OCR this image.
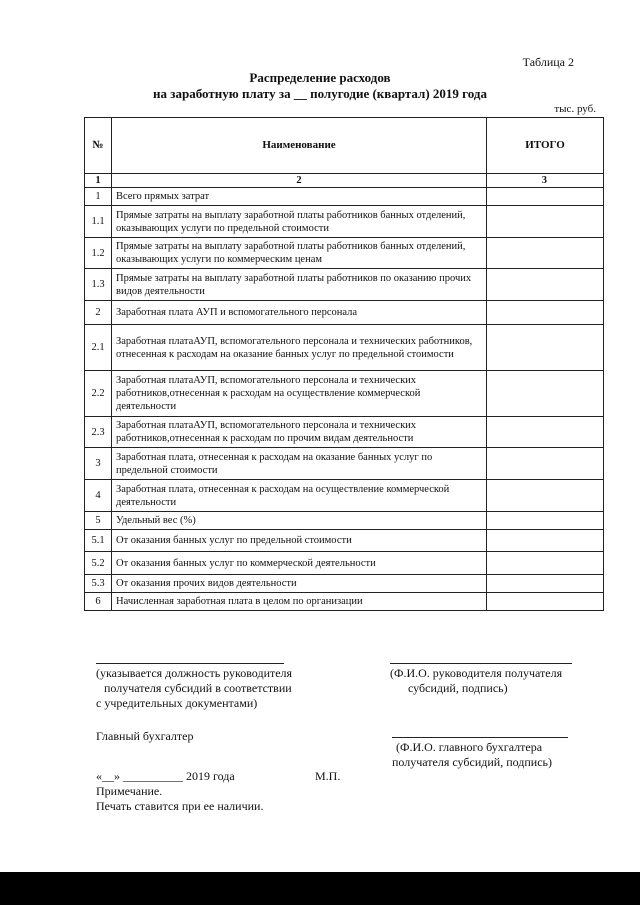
Таблица 2
Распределение расходов
на заработную плату за __ полугодие (квартал) 2019 года
тыс. руб.
№	Наименование	ИТОГО
1	2	3
1	Всего прямых затрат	
1.1	Прямые затраты на выплату заработной платы работников банных отделений, оказывающих услуги по предельной стоимости	
1.2	Прямые затраты на выплату заработной платы работников банных отделений, оказывающих услуги по коммерческим ценам	
1.3	Прямые затраты на выплату заработной платы работников по оказанию прочих видов деятельности	
2	Заработная плата АУП и вспомогательного персонала	
2.1	Заработная платаАУП, вспомогательного персонала и технических работников, отнесенная к расходам на оказание банных услуг по предельной стоимости	
2.2	Заработная платаАУП, вспомогательного персонала и технических работников,отнесенная к расходам на осуществление коммерческой деятельности	
2.3	Заработная платаАУП, вспомогательного персонала и технических работников,отнесенная к расходам по прочим видам деятельности	
3	Заработная плата, отнесенная к расходам на оказание банных услуг по предельной стоимости	
4	Заработная плата, отнесенная к расходам на осуществление коммерческой деятельности	
5	Удельный вес (%)	
5.1	От оказания банных услуг по предельной стоимости	
5.2	От оказания банных услуг по коммерческой деятельности	
5.3	От оказания прочих видов деятельности	
6	Начисленная заработная плата в целом по организации	
(указывается должность руководителя
получателя субсидий в соответствии
с учредительных документами)
(Ф.И.О. руководителя получателя
субсидий, подпись)
Главный бухгалтер
(Ф.И.О. главного бухгалтера
получателя субсидий, подпись)
«__» __________ 2019 года	М.П.
Примечание.
Печать ставится при ее наличии.
